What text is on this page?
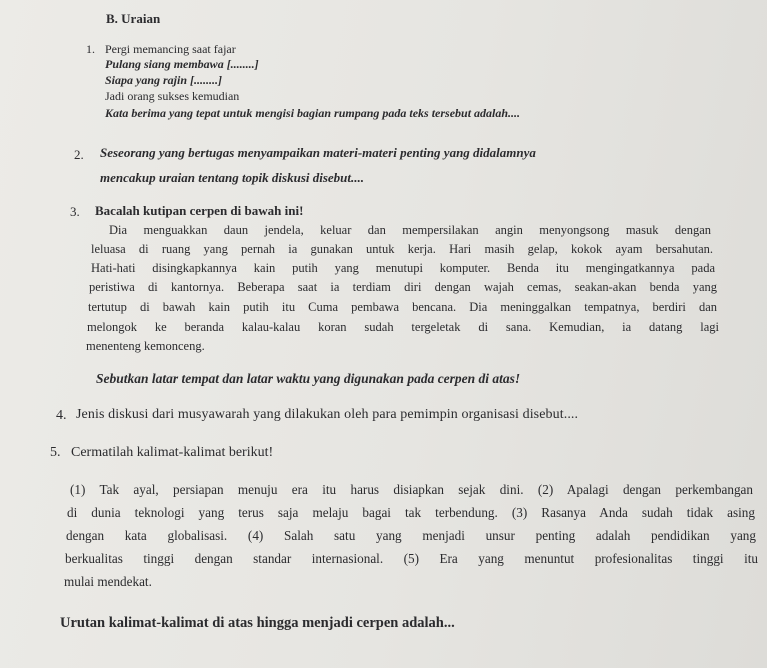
B. Uraian
1. Pergi memancing saat fajar
Pulang siang membawa [........]
Siapa yang rajin [........]
Jadi orang sukses kemudian
Kata berima yang tepat untuk mengisi bagian rumpang pada teks tersebut adalah....
2. Seseorang yang bertugas menyampaikan materi-materi penting yang didalamnya
mencakup uraian tentang topik diskusi disebut....
3. Bacalah kutipan cerpen di bawah ini!
Dia menguakkan daun jendela, keluar dan mempersilakan angin menyongsong masuk dengan
leluasa di ruang yang pernah ia gunakan untuk kerja. Hari masih gelap, kokok ayam bersahutan.
Hati-hati disingkapkannya kain putih yang menutupi komputer. Benda itu mengingatkannya pada
peristiwa di kantornya. Beberapa saat ia terdiam diri dengan wajah cemas, seakan-akan benda yang
tertutup di bawah kain putih itu Cuma pembawa bencana. Dia meninggalkan tempatnya, berdiri dan
melongok ke beranda kalau-kalau koran sudah tergeletak di sana. Kemudian, ia datang lagi
menenteng kemonceng.
Sebutkan latar tempat dan latar waktu yang digunakan pada cerpen di atas!
4. Jenis diskusi dari musyawarah yang dilakukan oleh para pemimpin organisasi disebut....
5. Cermatilah kalimat-kalimat berikut!
(1) Tak ayal, persiapan menuju era itu harus disiapkan sejak dini. (2) Apalagi dengan perkembangan
di dunia teknologi yang terus saja melaju bagai tak terbendung. (3) Rasanya Anda sudah tidak asing
dengan kata globalisasi. (4) Salah satu yang menjadi unsur penting adalah pendidikan yang
berkualitas tinggi dengan standar internasional. (5) Era yang menuntut profesionalitas tinggi itu
mulai mendekat.
Urutan kalimat-kalimat di atas hingga menjadi cerpen adalah...
